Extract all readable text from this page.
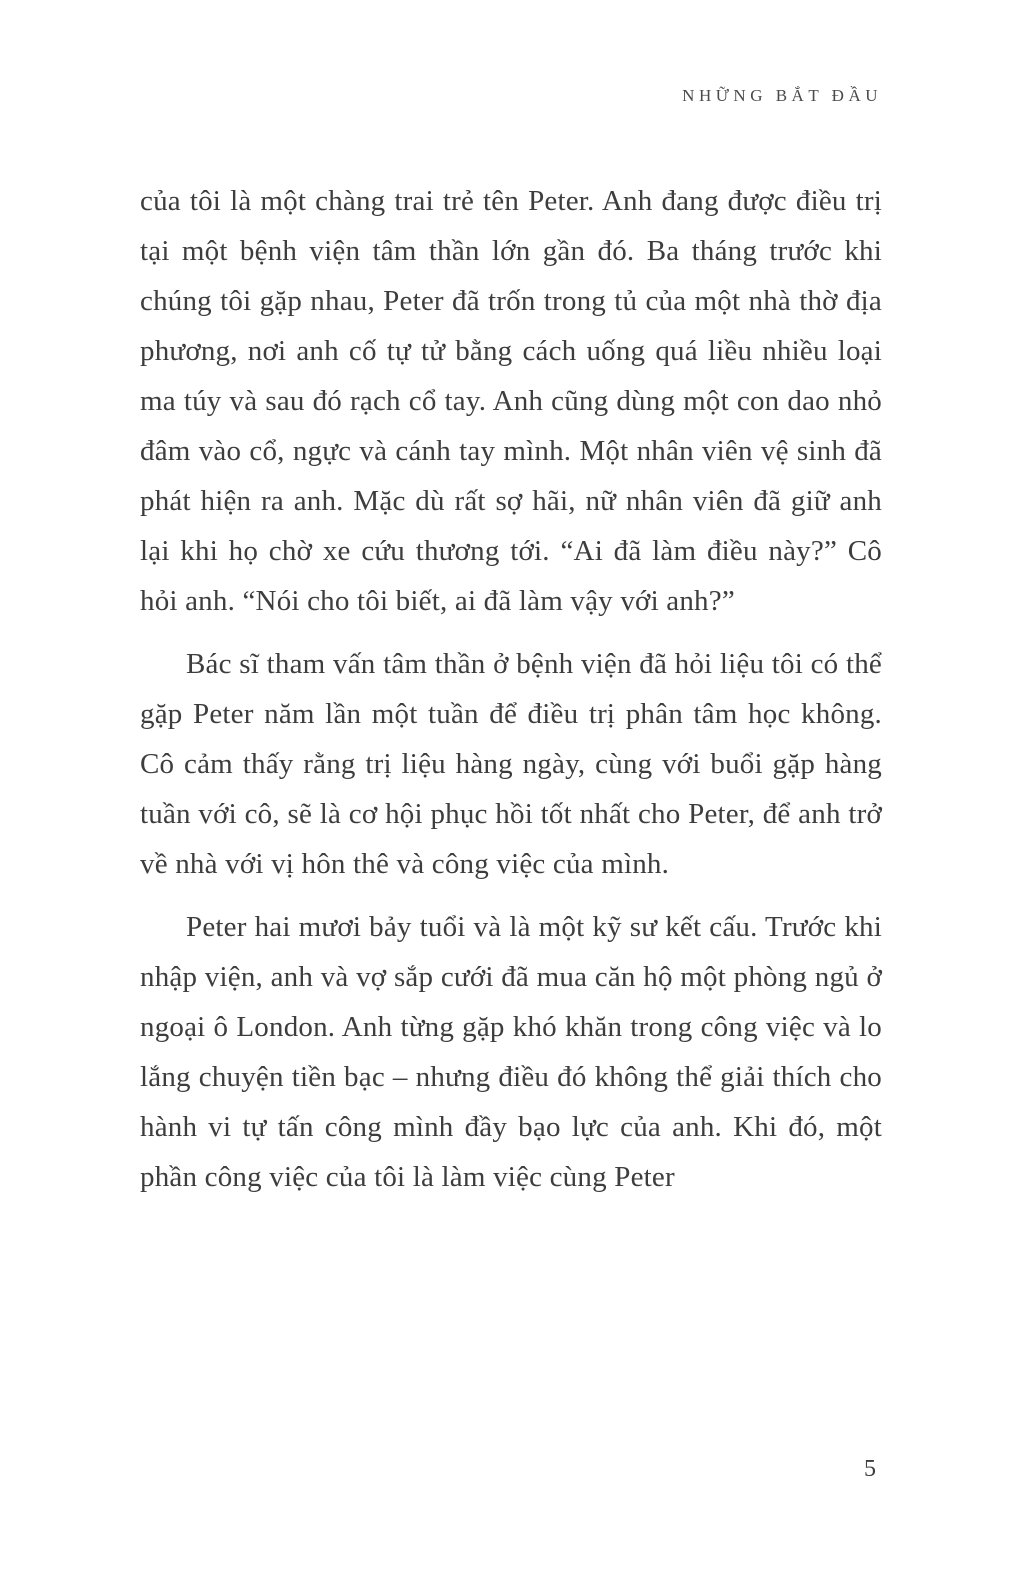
NHỮNG BẮT ĐẦU

của tôi là một chàng trai trẻ tên Peter. Anh đang được điều trị tại một bệnh viện tâm thần lớn gần đó. Ba tháng trước khi chúng tôi gặp nhau, Peter đã trốn trong tủ của một nhà thờ địa phương, nơi anh cố tự tử bằng cách uống quá liều nhiều loại ma túy và sau đó rạch cổ tay. Anh cũng dùng một con dao nhỏ đâm vào cổ, ngực và cánh tay mình. Một nhân viên vệ sinh đã phát hiện ra anh. Mặc dù rất sợ hãi, nữ nhân viên đã giữ anh lại khi họ chờ xe cứu thương tới. “Ai đã làm điều này?” Cô hỏi anh. “Nói cho tôi biết, ai đã làm vậy với anh?”

Bác sĩ tham vấn tâm thần ở bệnh viện đã hỏi liệu tôi có thể gặp Peter năm lần một tuần để điều trị phân tâm học không. Cô cảm thấy rằng trị liệu hàng ngày, cùng với buổi gặp hàng tuần với cô, sẽ là cơ hội phục hồi tốt nhất cho Peter, để anh trở về nhà với vị hôn thê và công việc của mình.

Peter hai mươi bảy tuổi và là một kỹ sư kết cấu. Trước khi nhập viện, anh và vợ sắp cưới đã mua căn hộ một phòng ngủ ở ngoại ô London. Anh từng gặp khó khăn trong công việc và lo lắng chuyện tiền bạc – nhưng điều đó không thể giải thích cho hành vi tự tấn công mình đầy bạo lực của anh. Khi đó, một phần công việc của tôi là làm việc cùng Peter

5
